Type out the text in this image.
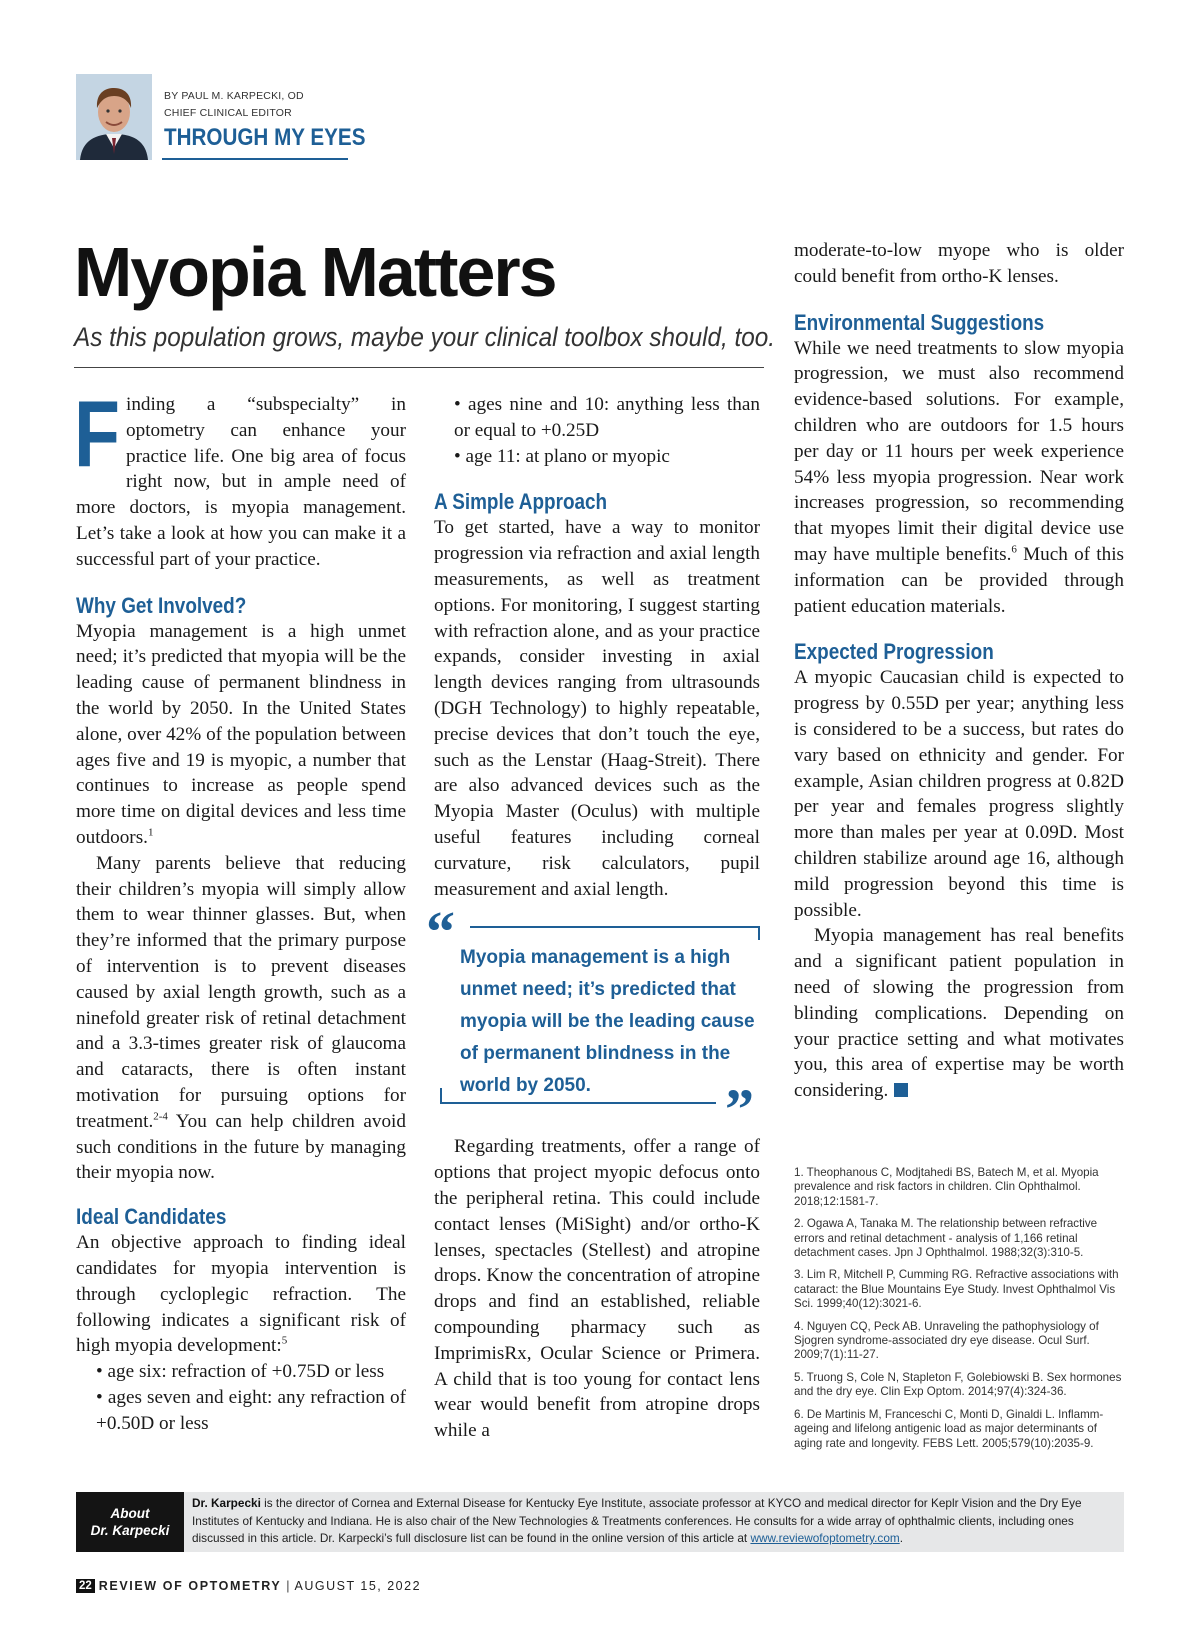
BY PAUL M. KARPECKI, OD
CHIEF CLINICAL EDITOR
THROUGH MY EYES
Myopia Matters
As this population grows, maybe your clinical toolbox should, too.

Finding a “subspecialty” in optometry can enhance your practice life. One big area of focus right now, but in ample need of more doctors, is myopia management. Let’s take a look at how you can make it a successful part of your practice.

Why Get Involved?

Myopia management is a high unmet need; it’s predicted that myopia will be the leading cause of permanent blindness in the world by 2050. In the United States alone, over 42% of the population between ages five and 19 is myopic, a number that continues to increase as people spend more time on digital devices and less time outdoors.$^1$

Many parents believe that reducing their children’s myopia will simply allow them to wear thinner glasses. But, when they’re informed that the primary purpose of intervention is to prevent diseases caused by axial length growth, such as a ninefold greater risk of retinal detachment and a 3.3-times greater risk of glaucoma and cataracts, there is often instant motivation for pursuing options for treatment.$^{2-4}$ You can help children avoid such conditions in the future by managing their myopia now.

Ideal Candidates

An objective approach to finding ideal candidates for myopia intervention is through cycloplegic refraction. The following indicates a significant risk of high myopia development:$^5$

• age six: refraction of +0.75D or less

• ages seven and eight: any refraction of +0.50D or less

• ages nine and 10: anything less than or equal to +0.25D

• age 11: at plano or myopic

A Simple Approach

To get started, have a way to monitor progression via refraction and axial length measurements, as well as treatment options. For monitoring, I suggest starting with refraction alone, and as your practice expands, consider investing in axial length devices ranging from ultrasounds (DGH Technology) to highly repeatable, precise devices that don’t touch the eye, such as the Lenstar (Haag-Streit). There are also advanced devices such as the Myopia Master (Oculus) with multiple useful features including corneal curvature, risk calculators, pupil measurement and axial length.

“ Myopia management is a high unmet need; it’s predicted that myopia will be the leading cause of permanent blindness in the world by 2050.	”

Regarding treatments, offer a range of options that project myopic defocus onto the peripheral retina. This could include contact lenses (MiSight) and/or ortho-K lenses, spectacles (Stellest) and atropine drops. Know the concentration of atropine drops and find an established, reliable compounding pharmacy such as ImprimisRx, Ocular Science or Primera. A child that is too young for contact lens wear would benefit from atropine drops while a

moderate-to-low myope who is older could benefit from ortho-K lenses.

Environmental Suggestions

While we need treatments to slow myopia progression, we must also recommend evidence-based solutions. For example, children who are outdoors for 1.5 hours per day or 11 hours per week experience 54% less myopia progression. Near work increases progression, so recommending that myopes limit their digital device use may have multiple benefits.$^6$ Much of this information can be provided through patient education materials.

Expected Progression

A myopic Caucasian child is expected to progress by 0.55D per year; anything less is considered to be a success, but rates do vary based on ethnicity and gender. For example, Asian children progress at 0.82D per year and females progress slightly more than males per year at 0.09D. Most children stabilize around age 16, although mild progression beyond this time is possible.

Myopia management has real benefits and a significant patient population in need of slowing the progression from blinding complications. Depending on your practice setting and what motivates you, this area of expertise may be worth considering.

1. Theophanous C, Modjtahedi BS, Batech M, et al. Myopia prevalence and risk factors in children. Clin Ophthalmol. 2018;12:1581-7.
2. Ogawa A, Tanaka M. The relationship between refractive errors and retinal detachment - analysis of 1,166 retinal detachment cases. Jpn J Ophthalmol. 1988;32(3):310-5.
3. Lim R, Mitchell P, Cumming RG. Refractive associations with cataract: the Blue Mountains Eye Study. Invest Ophthalmol Vis Sci. 1999;40(12):3021-6.
4. Nguyen CQ, Peck AB. Unraveling the pathophysiology of Sjogren syndrome-associated dry eye disease. Ocul Surf. 2009;7(1):11-27.
5. Truong S, Cole N, Stapleton F, Golebiowski B. Sex hormones and the dry eye. Clin Exp Optom. 2014;97(4):324-36.
6. De Martinis M, Franceschi C, Monti D, Ginaldi L. Inflamm-ageing and lifelong antigenic load as major determinants of aging rate and longevity. FEBS Lett. 2005;579(10):2035-9.
About
Dr. Karpecki
Dr. Karpecki is the director of Cornea and External Disease for Kentucky Eye Institute, associate professor at KYCO and medical director for Keplr Vision and the Dry Eye Institutes of Kentucky and Indiana. He is also chair of the New Technologies & Treatments conferences. He consults for a wide array of ophthalmic clients, including ones discussed in this article. Dr. Karpecki’s full disclosure list can be found in the online version of this article at www.reviewofoptometry.com.
22 REVIEW OF OPTOMETRY | AUGUST 15, 2022
